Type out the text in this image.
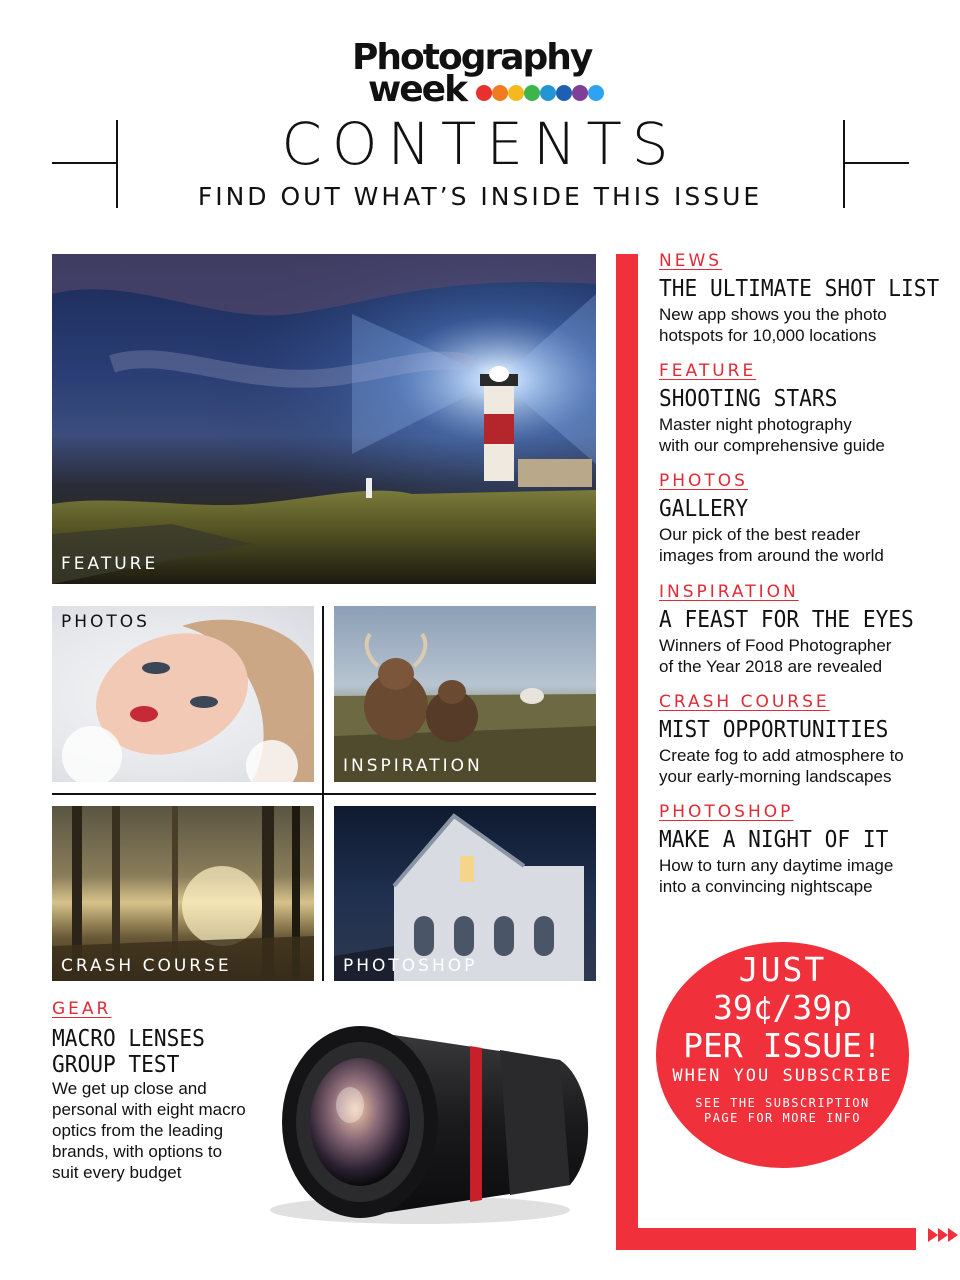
Photography
week
CONTENTS
FIND OUT WHAT’S INSIDE THIS ISSUE
FEATURE
PHOTOS
INSPIRATION
CRASH COURSE	PHOTOSHOP
NEWS
THE ULTIMATE SHOT LIST
New app shows you the photo
hotspots for 10,000 locations
FEATURE
SHOOTING STARS
Master night photography
with our comprehensive guide
PHOTOS
GALLERY
Our pick of the best reader
images from around the world
INSPIRATION
A FEAST FOR THE EYES
Winners of Food Photographer
of the Year 2018 are revealed
CRASH COURSE
MIST OPPORTUNITIES
Create fog to add atmosphere to
your early-morning landscapes
PHOTOSHOP
MAKE A NIGHT OF IT
How to turn any daytime image
into a convincing nightscape
JUST
39¢/39p
PER ISSUE!
WHEN YOU SUBSCRIBE
SEE THE SUBSCRIPTION PAGE FOR MORE INFO
GEAR
MACRO LENSES
GROUP TEST
We get up close and
personal with eight macro
optics from the leading
brands, with options to
suit every budget
